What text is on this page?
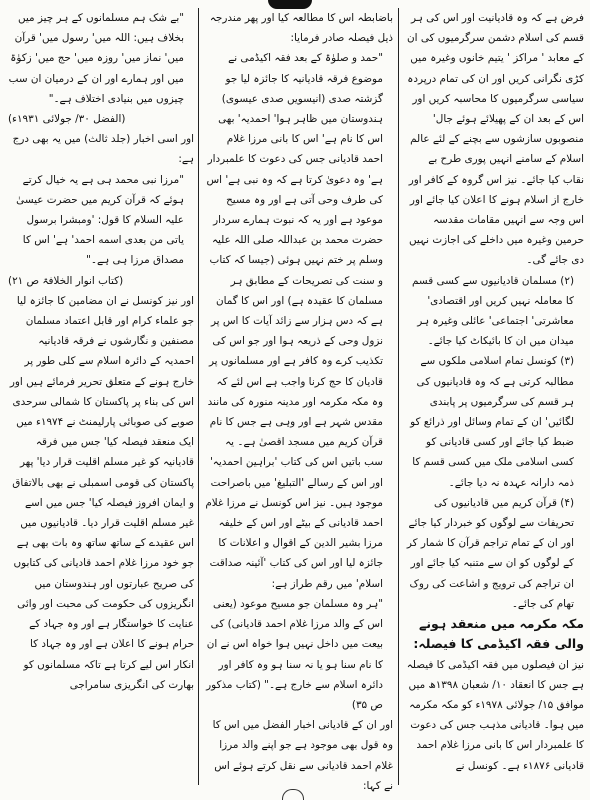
فرض ہے کہ وہ قادیانیت اور اس کی ہر قسم کی اسلام دشمن سرگرمیوں کی ان کے معابد ' مراکز ' یتیم خانوں وغیرہ میں کڑی نگرانی کریں اور ان کی تمام درپردہ سیاسی سرگرمیوں کا محاسبہ کریں اور اس کے بعد ان کے پھیلائے ہوئے جال' منصوبوں سازشوں سے بچنے کے لئے عالم اسلام کے سامنے انہیں پوری طرح بے نقاب کیا جائے۔ نیز اس گروہ کے کافر اور خارج از اسلام ہونے کا اعلان کیا جائے اور اس وجہ سے انہیں مقامات مقدسہ حرمین وغیرہ میں داخلے کی اجازت نہیں دی جائے گی۔

(۲) مسلمان قادیانیوں سے کسی قسم کا معاملہ نہیں کریں اور اقتصادی' معاشرتی' اجتماعی' عائلی وغیرہ ہر میدان میں ان کا بائیکاٹ کیا جائے۔

(۳) کونسل تمام اسلامی ملکوں سے مطالبہ کرتی ہے کہ وہ قادیانیوں کی ہر قسم کی سرگرمیوں پر پابندی لگائیں' ان کے تمام وسائل اور ذرائع کو ضبط کیا جائے اور کسی قادیانی کو کسی اسلامی ملک میں کسی قسم کا ذمہ دارانہ عہدہ نہ دیا جائے۔

(۴) قرآن کریم میں قادیانیوں کی تحریفات سے لوگوں کو خبردار کیا جائے اور ان کے تمام تراجم قرآن کا شمار کر کے لوگوں کو ان سے متنبہ کیا جائے اور ان تراجم کی ترویج و اشاعت کی روک تھام کی جائے۔

مکہ مکرمہ میں منعقد ہونے والی فقہ اکیڈمی کا فیصلہ:

نیز ان فیصلوں میں فقہ اکیڈمی کا فیصلہ ہے جس کا انعقاد ۱۰/ شعبان ۱۳۹۸ھ میں موافق ۱۵/ جولائی ۱۹۷۸ء کو مکہ مکرمہ میں ہوا۔ قادیانی مذہب جس کی دعوت کا علمبردار اس کا بانی مرزا غلام احمد قادیانی ۱۸۷۶ء ہے۔ کونسل نے

باضابطہ اس کا مطالعہ کیا اور پھر مندرجہ ذیل فیصلہ صادر فرمایا:

"حمد و صلوٰۃ کے بعد فقہ اکیڈمی نے موضوع فرقہ قادیانیہ کا جائزہ لیا جو گزشتہ صدی (انیسویں صدی عیسوی) ہندوستان میں ظاہر ہوا' احمدیہ' بھی اس کا نام ہے' اس کا بانی مرزا غلام احمد قادیانی جس کی دعوت کا علمبردار ہے' وہ دعویٰ کرتا ہے کہ وہ نبی ہے' اس کی طرف وحی آتی ہے اور وہ مسیح موعود ہے اور یہ کہ نبوت ہمارے سردار حضرت محمد بن عبداللہ صلی اللہ علیہ وسلم پر ختم نہیں ہوئی (جیسا کہ کتاب و سنت کی تصریحات کے مطابق ہر مسلمان کا عقیدہ ہے) اور اس کا گمان ہے کہ دس ہزار سے زائد آیات کا اس پر نزول وحی کے ذریعہ ہوا اور جو اس کی تکذیب کرے وہ کافر ہے اور مسلمانوں پر قادیان کا حج کرنا واجب ہے اس لئے کہ وہ مکہ مکرمہ اور مدینہ منورہ کی مانند مقدس شہر ہے اور وہی ہے جس کا نام قرآن کریم میں مسجد اقصیٰ ہے۔ یہ سب باتیں اس کی کتاب 'براہین احمدیہ' اور اس کے رسالے 'التبلیغ' میں باصراحت موجود ہیں۔ نیز اس کونسل نے مرزا غلام احمد قادیانی کے بیٹے اور اس کے خلیفہ مرزا بشیر الدین کے اقوال و اعلانات کا جائزہ لیا اور اس کی کتاب 'آئینہ صداقت اسلام' میں رقم طراز ہے:

"ہر وہ مسلمان جو مسیح موعود (یعنی اس کے والد مرزا غلام احمد قادیانی) کی بیعت میں داخل نہیں ہوا خواہ اس نے ان کا نام سنا ہو یا نہ سنا ہو وہ کافر اور دائرہ اسلام سے خارج ہے۔" (کتاب مذکور ص ۳۵)

اور ان کے قادیانی اخبار الفضل میں اس کا وہ قول بھی موجود ہے جو اپنے والد مرزا غلام احمد قادیانی سے نقل کرتے ہوئے اس نے کہا:

"بے شک ہم مسلمانوں کے ہر چیز میں بخلاف ہیں: اللہ میں' رسول میں' قرآن میں' نماز میں' روزہ میں' حج میں' زکوٰۃ میں اور ہمارے اور ان کے درمیان ان سب چیزوں میں بنیادی اختلاف ہے۔"

(الفضل ۳۰/ جولائی ۱۹۳۱ء)

اور اسی اخبار (جلد ثالث) میں یہ بھی درج ہے:

"مرزا نبی محمد ہی ہے یہ خیال کرتے ہوئے کہ قرآن کریم میں حضرت عیسیٰ علیہ السلام کا قول: 'ومبشرا برسول یاتی من بعدی اسمه احمد' ہے' اس کا مصداق مرزا ہی ہے۔"

(کتاب انوار الخلافۃ ص ۲۱)

اور نیز کونسل نے ان مضامین کا جائزہ لیا جو علماء کرام اور قابل اعتماد مسلمان مصنفین و نگارشوں نے فرقہ قادیانیہ احمدیہ کے دائرہ اسلام سے کلی طور پر خارج ہونے کے متعلق تحریر فرمائے ہیں اور اس کی بناء پر پاکستان کا شمالی سرحدی صوبے کی صوبائی پارلیمنٹ نے ۱۹۷۴ء میں ایک منعقد فیصلہ کیا' جس میں فرقہ قادیانیہ کو غیر مسلم اقلیت قرار دیا' پھر پاکستان کی قومی اسمبلی نے بھی بالاتفاق و ایمان افروز فیصلہ کیا' جس میں اسے غیر مسلم اقلیت قرار دیا۔ قادیانیوں میں اس عقیدے کے ساتھ ساتھ وہ بات بھی ہے جو خود مرزا غلام احمد قادیانی کی کتابوں کی صریح عبارتوں اور ہندوستان میں انگریزوں کی حکومت کی محبت اور وائی عنایت کا خواستگار ہے اور وہ جہاد کے حرام ہونے کا اعلان ہے اور وہ جہاد کا انکار اس لیے کرتا ہے تاکہ مسلمانوں کو بھارت کی انگریزی سامراجی
